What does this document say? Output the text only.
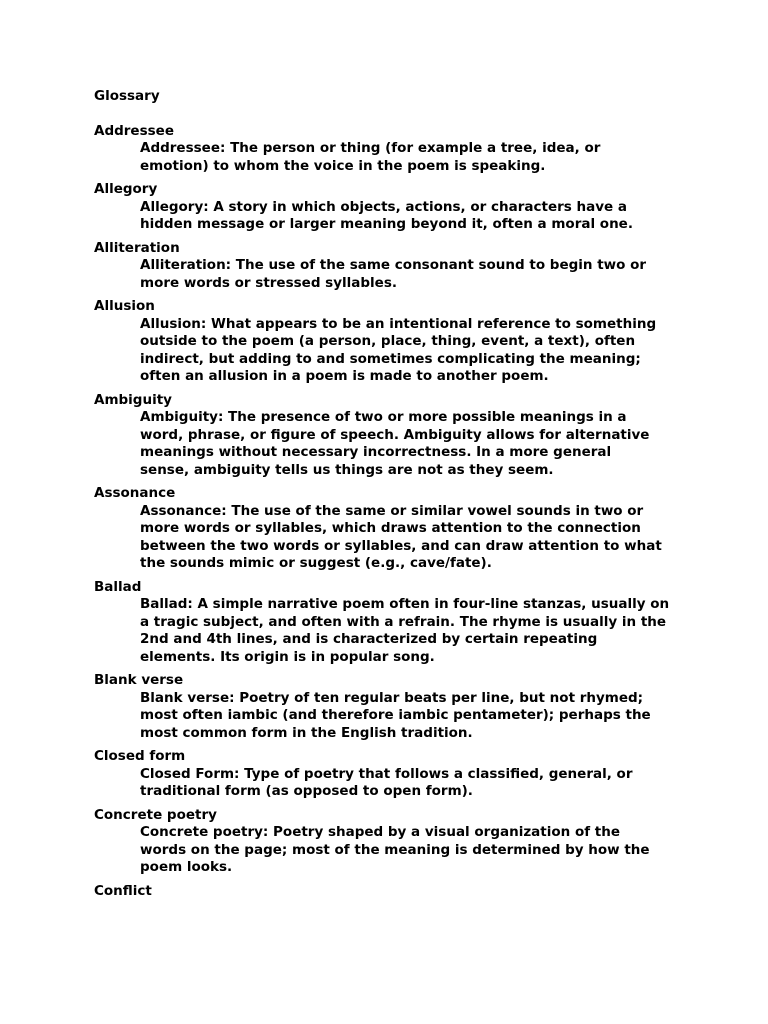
Glossary
Addressee
Addressee: The person or thing (for example a tree, idea, or
emotion) to whom the voice in the poem is speaking.
Allegory
Allegory: A story in which objects, actions, or characters have a
hidden message or larger meaning beyond it, often a moral one.
Alliteration
Alliteration: The use of the same consonant sound to begin two or
more words or stressed syllables.
Allusion
Allusion: What appears to be an intentional reference to something
outside to the poem (a person, place, thing, event, a text), often
indirect, but adding to and sometimes complicating the meaning;
often an allusion in a poem is made to another poem.
Ambiguity
Ambiguity: The presence of two or more possible meanings in a
word, phrase, or figure of speech. Ambiguity allows for alternative
meanings without necessary incorrectness. In a more general
sense, ambiguity tells us things are not as they seem.
Assonance
Assonance: The use of the same or similar vowel sounds in two or
more words or syllables, which draws attention to the connection
between the two words or syllables, and can draw attention to what
the sounds mimic or suggest (e.g., cave/fate).
Ballad
Ballad: A simple narrative poem often in four-line stanzas, usually on
a tragic subject, and often with a refrain. The rhyme is usually in the
2nd and 4th lines, and is characterized by certain repeating
elements. Its origin is in popular song.
Blank verse
Blank verse: Poetry of ten regular beats per line, but not rhymed;
most often iambic (and therefore iambic pentameter); perhaps the
most common form in the English tradition.
Closed form
Closed Form: Type of poetry that follows a classified, general, or
traditional form (as opposed to open form).
Concrete poetry
Concrete poetry: Poetry shaped by a visual organization of the
words on the page; most of the meaning is determined by how the
poem looks.
Conflict
